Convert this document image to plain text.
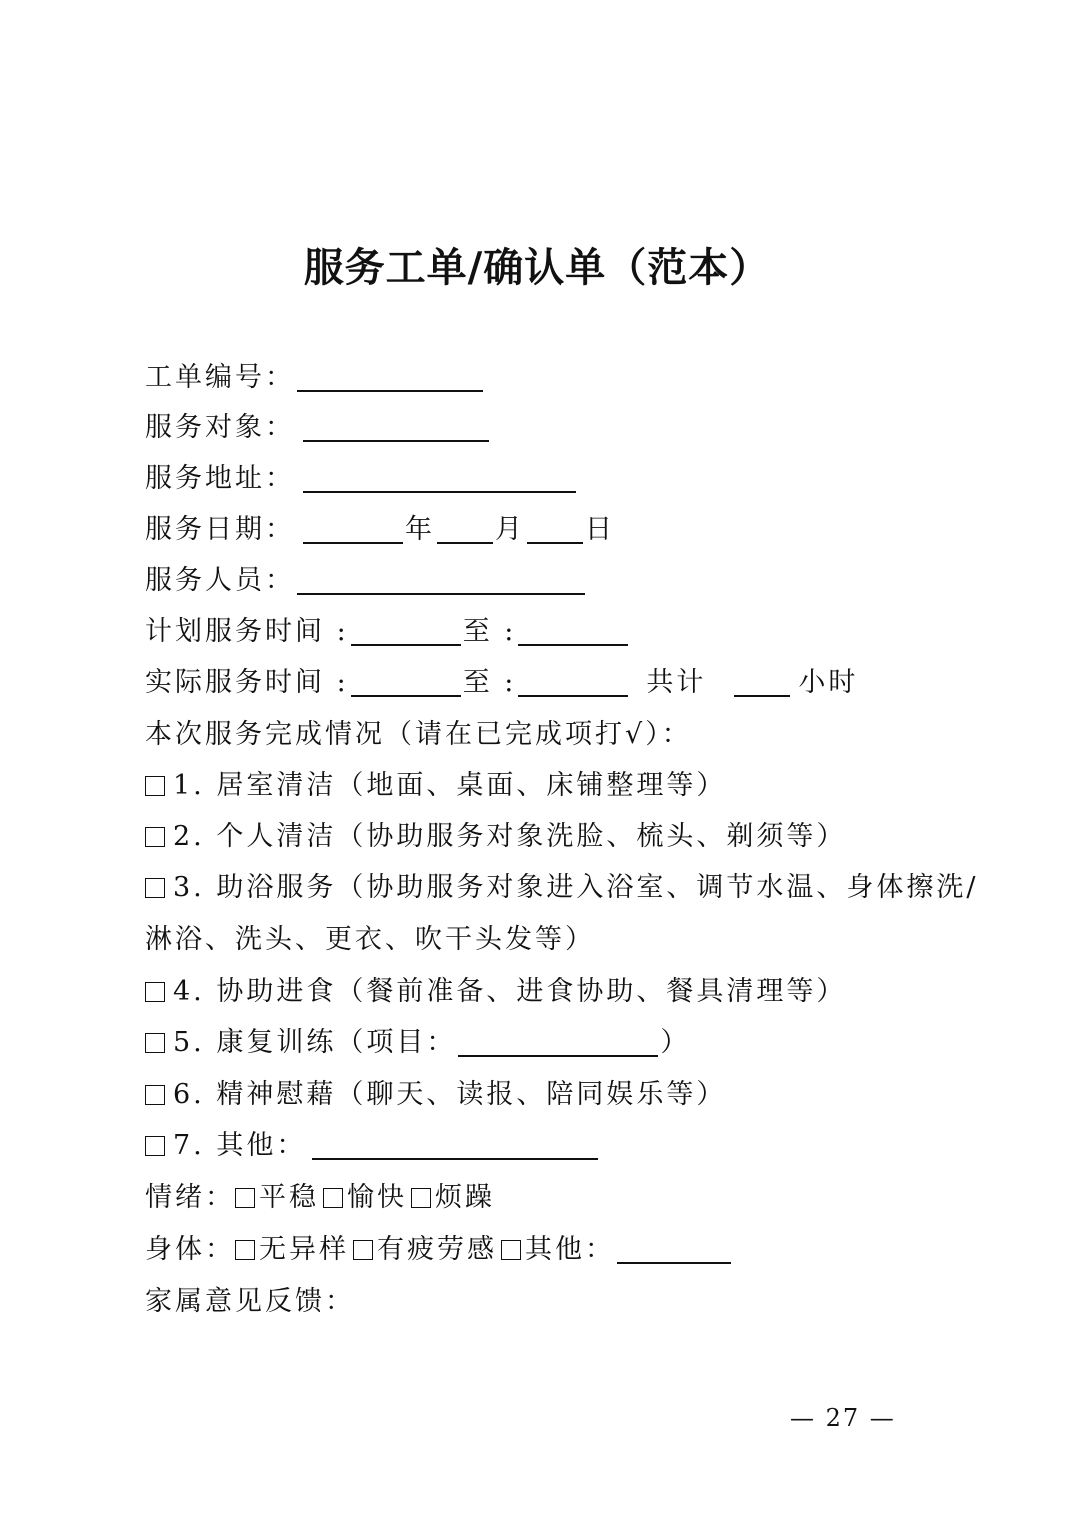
服务工单/确认单（范本）
工单编号：
服务对象：
服务地址：
服务日期：	年 月 日
服务人员：
计划服务时间 :	至 :
实际服务时间 :	至 :	共计	小时
本次服务完成情况（请在已完成项打√）：
1. 居室清洁（地面、桌面、床铺整理等）
2. 个人清洁（协助服务对象洗脸、梳头、剃须等）
3. 助浴服务（协助服务对象进入浴室、调节水温、身体擦洗/
淋浴、洗头、更衣、吹干头发等）
4. 协助进食（餐前准备、进食协助、餐具清理等）
5. 康复训练（项目：	）
6. 精神慰藉（聊天、读报、陪同娱乐等）
7. 其他：
情绪： 平稳 愉快 烦躁
身体： 无异样 有疲劳感 其他：
家属意见反馈：
— 27 —
